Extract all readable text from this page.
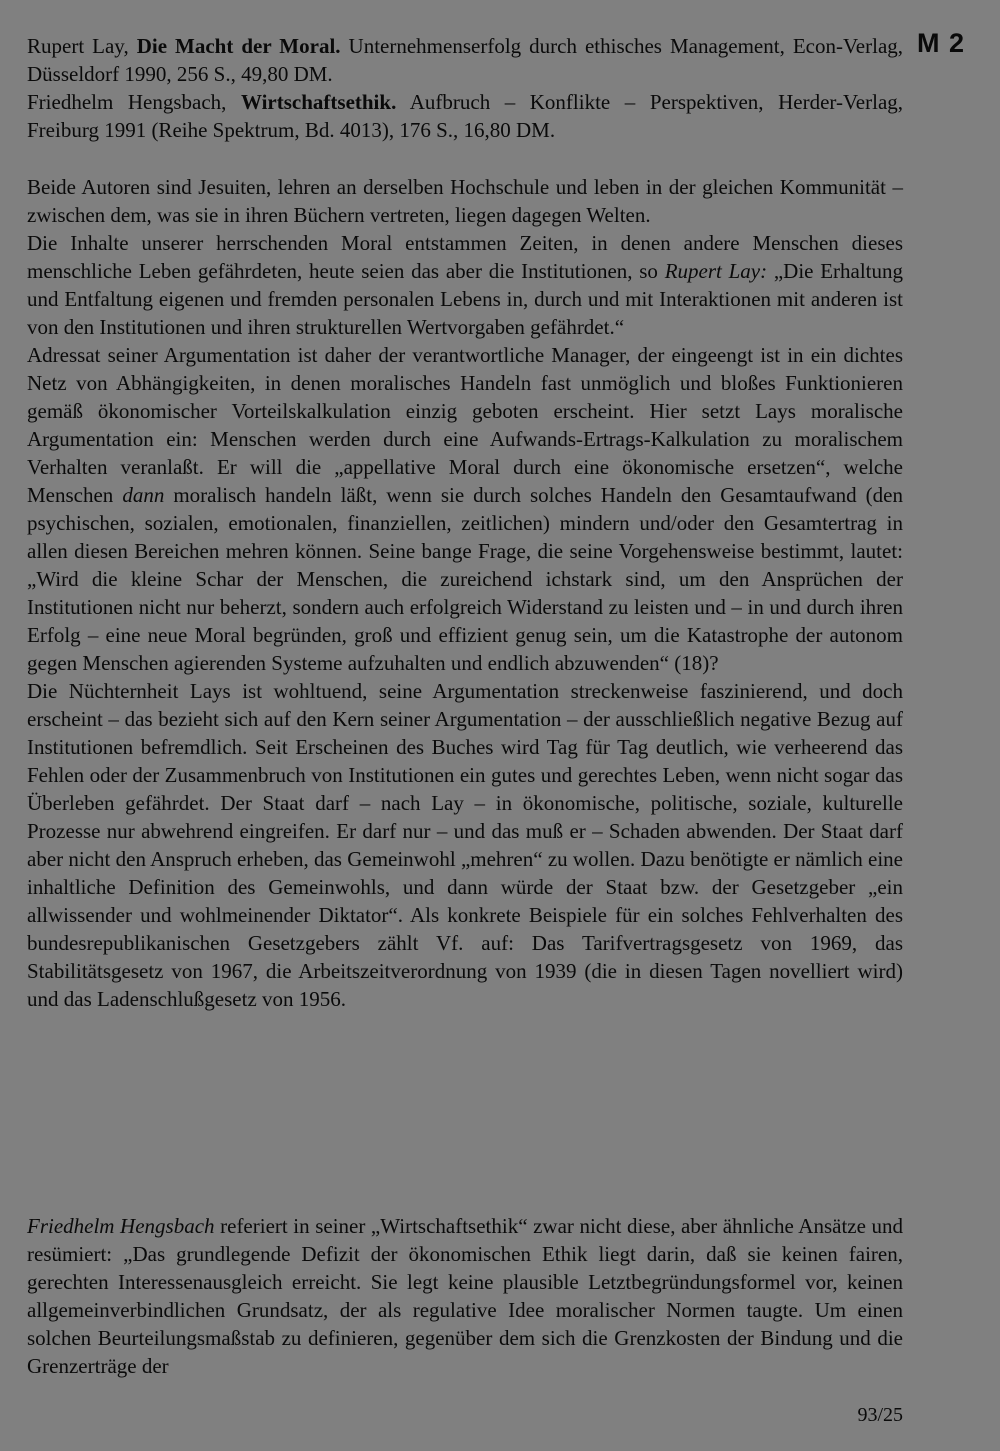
M 2

Rupert Lay, Die Macht der Moral. Unternehmenserfolg durch ethisches Management, Econ-Verlag, Düsseldorf 1990, 256 S., 49,80 DM.

Friedhelm Hengsbach, Wirtschaftsethik. Aufbruch – Konflikte – Perspektiven, Herder-Verlag, Freiburg 1991 (Reihe Spektrum, Bd. 4013), 176 S., 16,80 DM.

Beide Autoren sind Jesuiten, lehren an derselben Hochschule und leben in der gleichen Kommunität – zwischen dem, was sie in ihren Büchern vertreten, liegen dagegen Welten.

Die Inhalte unserer herrschenden Moral entstammen Zeiten, in denen andere Menschen dieses menschliche Leben gefährdeten, heute seien das aber die Institutionen, so Rupert Lay: „Die Erhaltung und Entfaltung eigenen und fremden personalen Lebens in, durch und mit Interaktionen mit anderen ist von den Institutionen und ihren strukturellen Wertvorgaben gefährdet.“

Adressat seiner Argumentation ist daher der verantwortliche Manager, der eingeengt ist in ein dichtes Netz von Abhängigkeiten, in denen moralisches Handeln fast unmöglich und bloßes Funktionieren gemäß ökonomischer Vorteilskalkulation einzig geboten erscheint. Hier setzt Lays moralische Argumentation ein: Menschen werden durch eine Aufwands-Ertrags-Kalkulation zu moralischem Verhalten veranlaßt. Er will die „appellative Moral durch eine ökonomische ersetzen“, welche Menschen dann moralisch handeln läßt, wenn sie durch solches Handeln den Gesamtaufwand (den psychischen, sozialen, emotionalen, finanziellen, zeitlichen) mindern und/oder den Gesamtertrag in allen diesen Bereichen mehren können. Seine bange Frage, die seine Vorgehensweise bestimmt, lautet: „Wird die kleine Schar der Menschen, die zureichend ichstark sind, um den Ansprüchen der Institutionen nicht nur beherzt, sondern auch erfolgreich Widerstand zu leisten und – in und durch ihren Erfolg – eine neue Moral begründen, groß und effizient genug sein, um die Katastrophe der autonom gegen Menschen agierenden Systeme aufzuhalten und endlich abzuwenden“ (18)?

Die Nüchternheit Lays ist wohltuend, seine Argumentation streckenweise faszinierend, und doch erscheint – das bezieht sich auf den Kern seiner Argumentation – der ausschließlich negative Bezug auf Institutionen befremdlich. Seit Erscheinen des Buches wird Tag für Tag deutlich, wie verheerend das Fehlen oder der Zusammenbruch von Institutionen ein gutes und gerechtes Leben, wenn nicht sogar das Überleben gefährdet. Der Staat darf – nach Lay – in ökonomische, politische, soziale, kulturelle Prozesse nur abwehrend eingreifen. Er darf nur – und das muß er – Schaden abwenden. Der Staat darf aber nicht den Anspruch erheben, das Gemeinwohl „mehren“ zu wollen. Dazu benötigte er nämlich eine inhaltliche Definition des Gemeinwohls, und dann würde der Staat bzw. der Gesetzgeber „ein allwissender und wohlmeinender Diktator“. Als konkrete Beispiele für ein solches Fehlverhalten des bundesrepublikanischen Gesetzgebers zählt Vf. auf: Das Tarifvertragsgesetz von 1969, das Stabilitätsgesetz von 1967, die Arbeitszeitverordnung von 1939 (die in diesen Tagen novelliert wird) und das Ladenschlußgesetz von 1956.

Friedhelm Hengsbach referiert in seiner „Wirtschaftsethik“ zwar nicht diese, aber ähnliche Ansätze und resümiert: „Das grundlegende Defizit der ökonomischen Ethik liegt darin, daß sie keinen fairen, gerechten Interessenausgleich erreicht. Sie legt keine plausible Letztbegründungsformel vor, keinen allgemeinverbindlichen Grundsatz, der als regulative Idee moralischer Normen taugte. Um einen solchen Beurteilungsmaßstab zu definieren, gegenüber dem sich die Grenzkosten der Bindung und die Grenzerträge der

93/25
